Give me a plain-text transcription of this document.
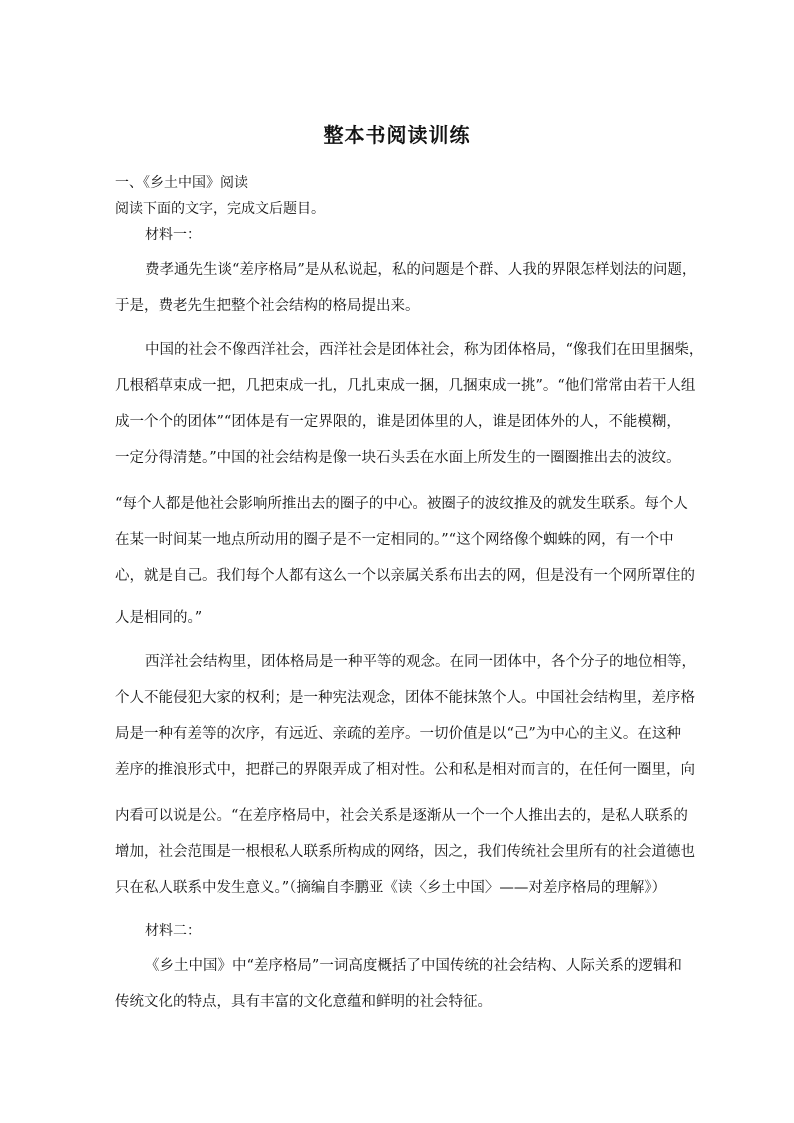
整本书阅读训练
一、《乡土中国》阅读
阅读下面的文字，完成文后题目。
材料一：
费孝通先生谈“差序格局”是从私说起，私的问题是个群、人我的界限怎样划法的问题，
于是，费老先生把整个社会结构的格局提出来。
中国的社会不像西洋社会，西洋社会是团体社会，称为团体格局，“像我们在田里捆柴，
几根稻草束成一把，几把束成一扎，几扎束成一捆，几捆束成一挑”。“他们常常由若干人组
成一个个的团体”“团体是有一定界限的，谁是团体里的人，谁是团体外的人，不能模糊，
一定分得清楚。”中国的社会结构是像一块石头丢在水面上所发生的一圈圈推出去的波纹。
“每个人都是他社会影响所推出去的圈子的中心。被圈子的波纹推及的就发生联系。每个人
在某一时间某一地点所动用的圈子是不一定相同的。”“这个网络像个蜘蛛的网，有一个中
心，就是自己。我们每个人都有这么一个以亲属关系布出去的网，但是没有一个网所罩住的
人是相同的。”
西洋社会结构里，团体格局是一种平等的观念。在同一团体中，各个分子的地位相等，
个人不能侵犯大家的权利；是一种宪法观念，团体不能抹煞个人。中国社会结构里，差序格
局是一种有差等的次序，有远近、亲疏的差序。一切价值是以“己”为中心的主义。在这种
差序的推浪形式中，把群己的界限弄成了相对性。公和私是相对而言的，在任何一圈里，向
内看可以说是公。“在差序格局中，社会关系是逐渐从一个一个人推出去的，是私人联系的
增加，社会范围是一根根私人联系所构成的网络，因之，我们传统社会里所有的社会道德也
只在私人联系中发生意义。”（摘编自李鹏亚《读〈乡土中国〉——对差序格局的理解》）
材料二：
《乡土中国》中“差序格局”一词高度概括了中国传统的社会结构、人际关系的逻辑和
传统文化的特点，具有丰富的文化意蕴和鲜明的社会特征。
